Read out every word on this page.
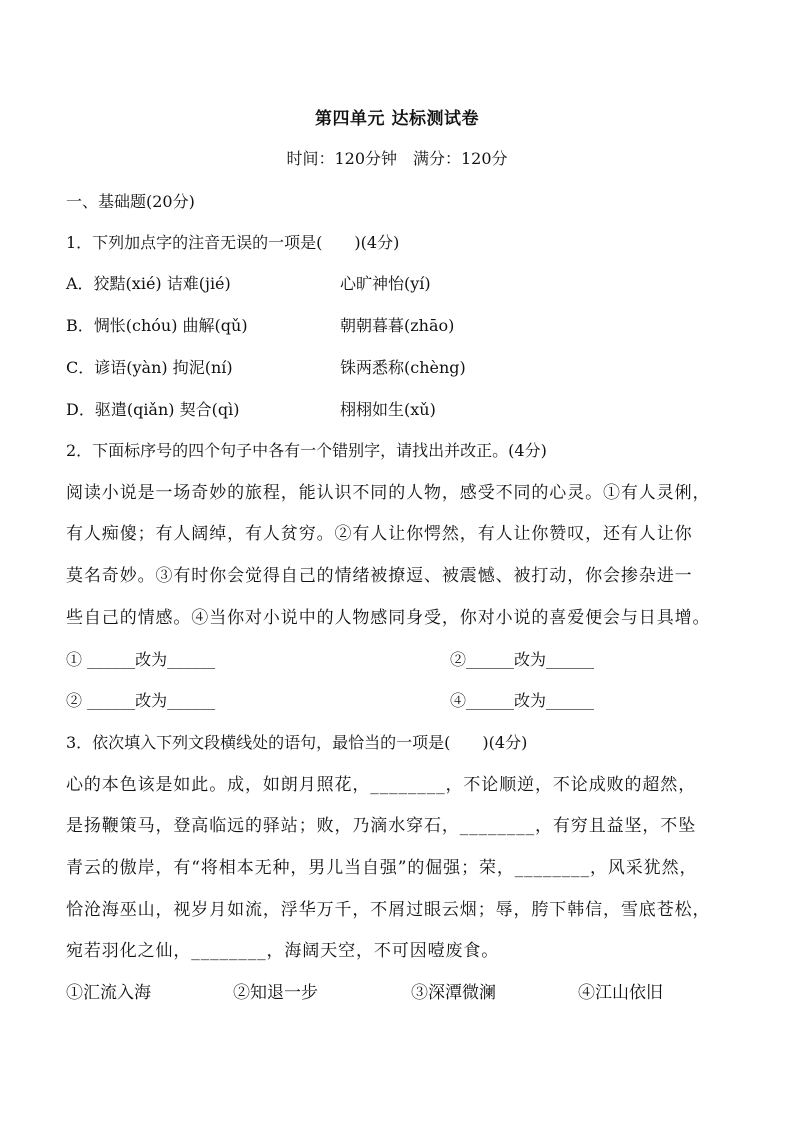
第四单元 达标测试卷
时间：120分钟　满分：120分
一、基础题(20分)
1．下列加点字的注音无误的一项是(　　)(4分)
A．狡黠(xié) 诘难(jié)	心旷神怡(yí)
B．惆怅(chóu) 曲解(qǔ)	朝朝暮暮(zhāo)
C．谚语(yàn) 拘泥(ní)	铢两悉称(chèng)
D．驱遣(qiǎn) 契合(qì)	栩栩如生(xǔ)
2．下面标序号的四个句子中各有一个错别字，请找出并改正。(4分)
阅读小说是一场奇妙的旅程，能认识不同的人物，感受不同的心灵。①有人灵俐，
有人痴傻；有人阔绰，有人贫穷。②有人让你愕然，有人让你赞叹，还有人让你
莫名奇妙。③有时你会觉得自己的情绪被撩逗、被震憾、被打动，你会掺杂进一
些自己的情感。④当你对小说中的人物感同身受，你对小说的喜爱便会与日具增。
① ______改为______	②______改为______
② ______改为______	④______改为______
3．依次填入下列文段横线处的语句，最恰当的一项是(　　)(4分)
心的本色该是如此。成，如朗月照花，________，不论顺逆，不论成败的超然，
是扬鞭策马，登高临远的驿站；败，乃滴水穿石，________，有穷且益坚，不坠
青云的傲岸，有“将相本无种，男儿当自强”的倔强；荣，________，风采犹然，
恰沧海巫山，视岁月如流，浮华万千，不屑过眼云烟；辱，胯下韩信，雪底苍松，
宛若羽化之仙，________，海阔天空，不可因噎废食。
①汇流入海	②知退一步	③深潭微澜	④江山依旧
